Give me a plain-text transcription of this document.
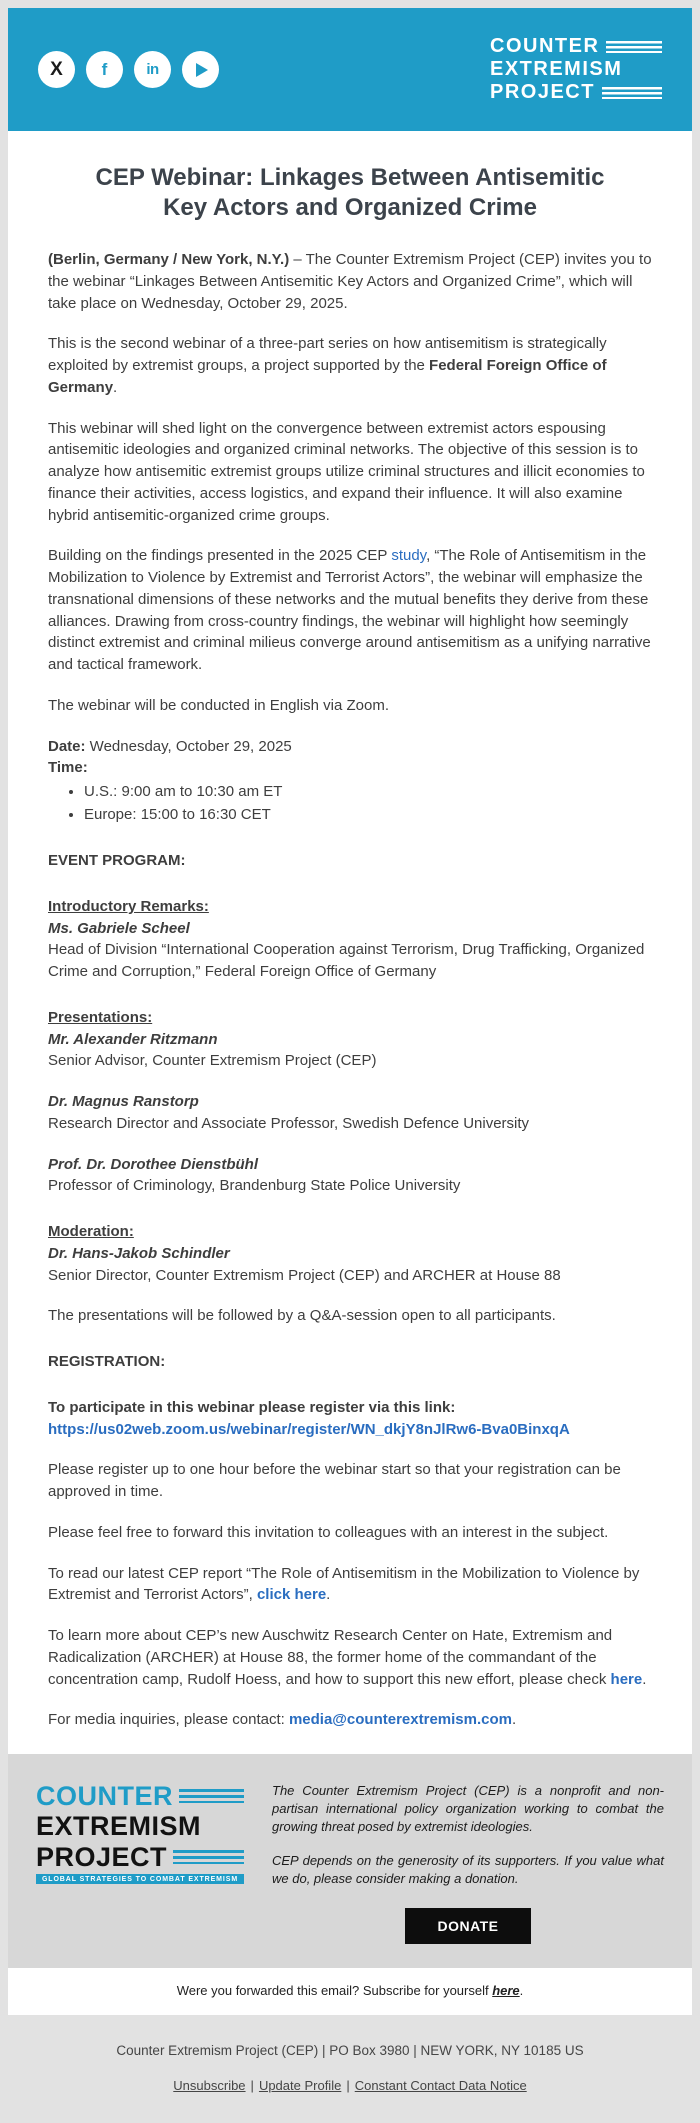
X f	in
COUNTER
EXTREMISM
PROJECT
CEP Webinar: Linkages Between Antisemitic Key Actors and Organized Crime

(Berlin, Germany / New York, N.Y.) – The Counter Extremism Project (CEP) invites you to the webinar “Linkages Between Antisemitic Key Actors and Organized Crime”, which will take place on Wednesday, October 29, 2025.

This is the second webinar of a three-part series on how antisemitism is strategically exploited by extremist groups, a project supported by the Federal Foreign Office of Germany.

This webinar will shed light on the convergence between extremist actors espousing antisemitic ideologies and organized criminal networks. The objective of this session is to analyze how antisemitic extremist groups utilize criminal structures and illicit economies to finance their activities, access logistics, and expand their influence. It will also examine hybrid antisemitic-organized crime groups.

Building on the findings presented in the 2025 CEP study, “The Role of Antisemitism in the Mobilization to Violence by Extremist and Terrorist Actors”, the webinar will emphasize the transnational dimensions of these networks and the mutual benefits they derive from these alliances. Drawing from cross-country findings, the webinar will highlight how seemingly distinct extremist and criminal milieus converge around antisemitism as a unifying narrative and tactical framework.

The webinar will be conducted in English via Zoom.

Date: Wednesday, October 29, 2025

Time:

• U.S.: 9:00 am to 10:30 am ET
• Europe: 15:00 to 16:30 CET

EVENT PROGRAM:

Introductory Remarks:
Ms. Gabriele Scheel
Head of Division “International Cooperation against Terrorism, Drug Trafficking, Organized Crime and Corruption,” Federal Foreign Office of Germany

Presentations:
Mr. Alexander Ritzmann
Senior Advisor, Counter Extremism Project (CEP)

Dr. Magnus Ranstorp
Research Director and Associate Professor, Swedish Defence University

Prof. Dr. Dorothee Dienstbühl
Professor of Criminology, Brandenburg State Police University

Moderation:
Dr. Hans-Jakob Schindler
Senior Director, Counter Extremism Project (CEP) and ARCHER at House 88

The presentations will be followed by a Q&A-session open to all participants.

REGISTRATION:

To participate in this webinar please register via this link:
https://us02web.zoom.us/webinar/register/WN_dkjY8nJlRw6-Bva0BinxqA

Please register up to one hour before the webinar start so that your registration can be approved in time.

Please feel free to forward this invitation to colleagues with an interest in the subject.

To read our latest CEP report “The Role of Antisemitism in the Mobilization to Violence by Extremist and Terrorist Actors”, click here.

To learn more about CEP’s new Auschwitz Research Center on Hate, Extremism and Radicalization (ARCHER) at House 88, the former home of the commandant of the concentration camp, Rudolf Hoess, and how to support this new effort, please check here.

For media inquiries, please contact: media@counterextremism.com.

COUNTER
EXTREMISM
PROJECT
GLOBAL STRATEGIES TO COMBAT EXTREMISM

The Counter Extremism Project (CEP) is a nonprofit and non-partisan international policy organization working to combat the growing threat posed by extremist ideologies.

CEP depends on the generosity of its supporters. If you value what we do, please consider making a donation.

DONATE
Were you forwarded this email? Subscribe for yourself here.
Counter Extremism Project (CEP) | PO Box 3980 | NEW YORK, NY 10185 US
Unsubscribe | Update Profile | Constant Contact Data Notice
